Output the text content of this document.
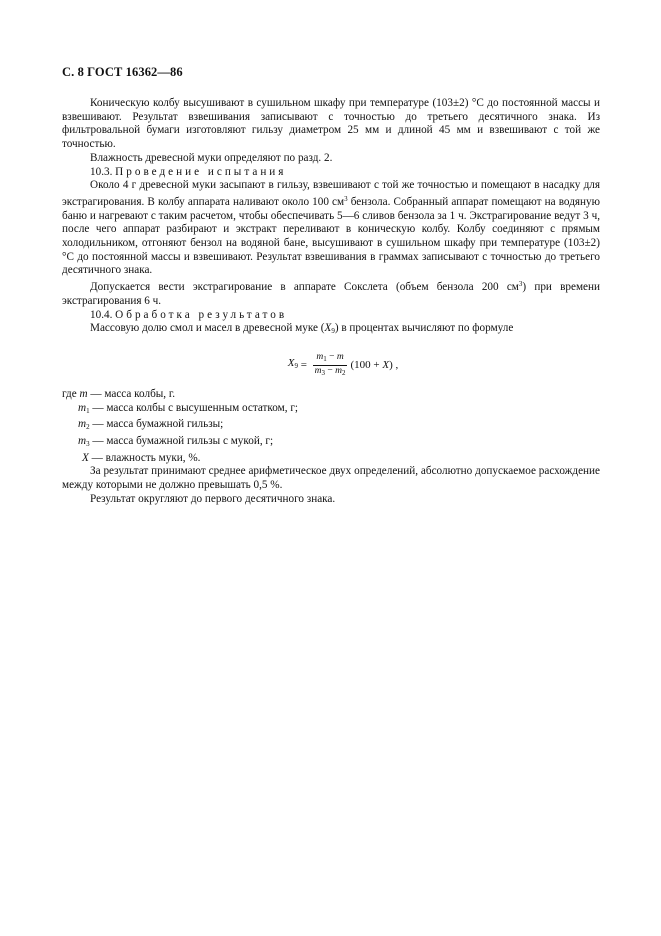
С. 8 ГОСТ 16362—86

Коническую колбу высушивают в сушильном шкафу при температуре (103±2) °С до постоянной массы и взвешивают. Результат взвешивания записывают с точностью до третьего десятичного знака. Из фильтровальной бумаги изготовляют гильзу диаметром 25 мм и длиной 45 мм и взвешивают с той же точностью.

Влажность древесной муки определяют по разд. 2.

10.3. Проведение испытания

Около 4 г древесной муки засыпают в гильзу, взвешивают с той же точностью и помещают в насадку для экстрагирования. В колбу аппарата наливают около 100 $см^3$ бензола. Собранный аппарат помещают на водяную баню и нагревают с таким расчетом, чтобы обеспечивать 5—6 сливов бензола за 1 ч. Экстрагирование ведут 3 ч, после чего аппарат разбирают и экстракт переливают в коническую колбу. Колбу соединяют с прямым холодильником, отгоняют бензол на водяной бане, высушивают в сушильном шкафу при температуре (103±2) °С до постоянной массы и взвешивают. Результат взвешивания в граммах записывают с точностью до третьего десятичного знака.

Допускается вести экстрагирование в аппарате Сокслета (объем бензола 200 $см^3$) при времени экстрагирования 6 ч.

10.4. Обработка результатов

Массовую долю смол и масел в древесной муке $(X_9)$ в процентах вычисляют по формуле

$X_9 = \frac{m_1 - m}{m_3 - m_2} (100 + X)$ ,

где m — масса колбы, г.

$m_1$ — масса колбы с высушенным остатком, г;

$m_2$ — масса бумажной гильзы;

$m_3$ — масса бумажной гильзы с мукой, г;

X — влажность муки, %.

За результат принимают среднее арифметическое двух определений, абсолютно допускаемое расхождение между которыми не должно превышать 0,5 %.

Результат округляют до первого десятичного знака.
